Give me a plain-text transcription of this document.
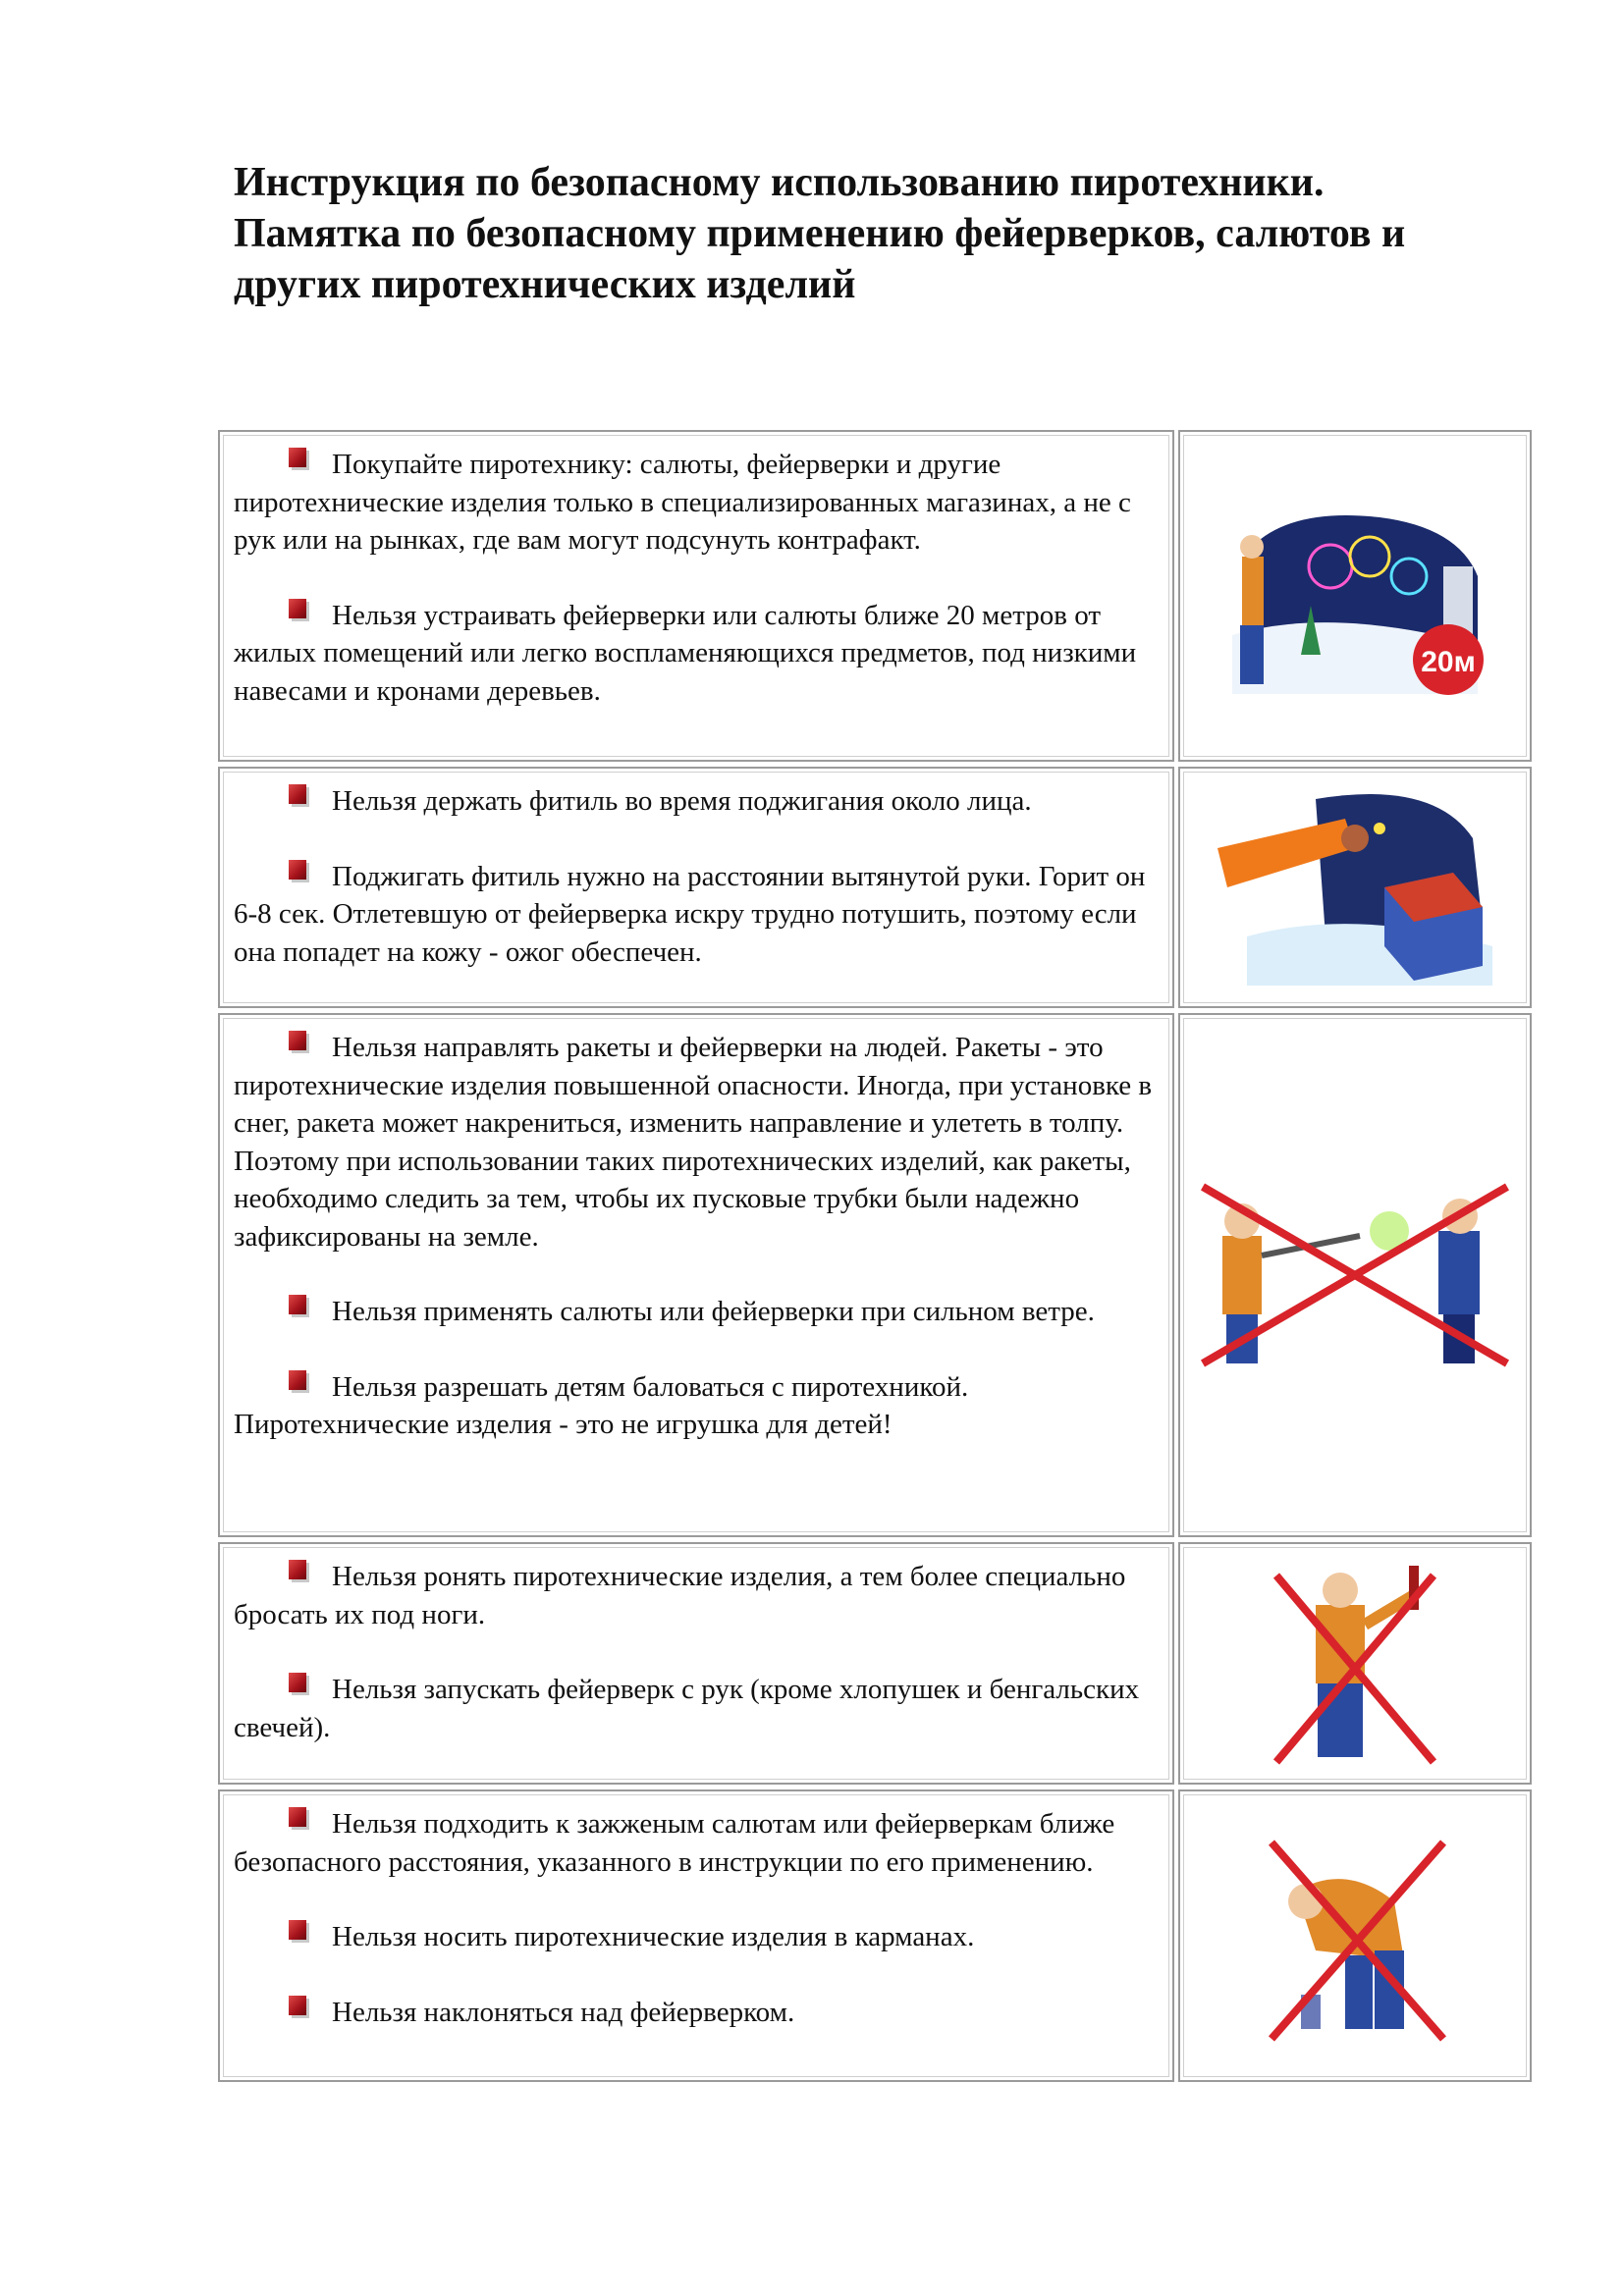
Инструкция по безопасному использованию пиротехники. Памятка по безопасному применению фейерверков, салютов и других пиротехнических изделий

Покупайте пиротехнику: салюты, фейерверки и другие пиротехнические изделия только в специализированных магазинах, а не с рук или на рынках, где вам могут подсунуть контрафакт.

Нельзя устраивать фейерверки или салюты ближе 20 метров от жилых помещений или легко воспламеняющихся предметов, под низкими навесами и кронами деревьев.

20м

Нельзя держать фитиль во время поджигания около лица.

Поджигать фитиль нужно на расстоянии вытянутой руки. Горит он 6-8 сек. Отлетевшую от фейерверка искру трудно потушить, поэтому если она попадет на кожу - ожог обеспечен.

Нельзя направлять ракеты и фейерверки на людей. Ракеты - это пиротехнические изделия повышенной опасности. Иногда, при установке в снег, ракета может накрениться, изменить направление и улететь в толпу. Поэтому при использовании таких пиротехнических изделий, как ракеты, необходимо следить за тем, чтобы их пусковые трубки были надежно зафиксированы на земле.

Нельзя применять салюты или фейерверки при сильном ветре.

Нельзя разрешать детям баловаться с пиротехникой. Пиротехнические изделия - это не игрушка для детей!

Нельзя ронять пиротехнические изделия, а тем более специально бросать их под ноги.

Нельзя запускать фейерверк с рук (кроме хлопушек и бенгальских свечей).

Нельзя подходить к зажженым салютам или фейерверкам ближе безопасного расстояния, указанного в инструкции по его применению.

Нельзя носить пиротехнические изделия в карманах.

Нельзя наклоняться над фейерверком.
